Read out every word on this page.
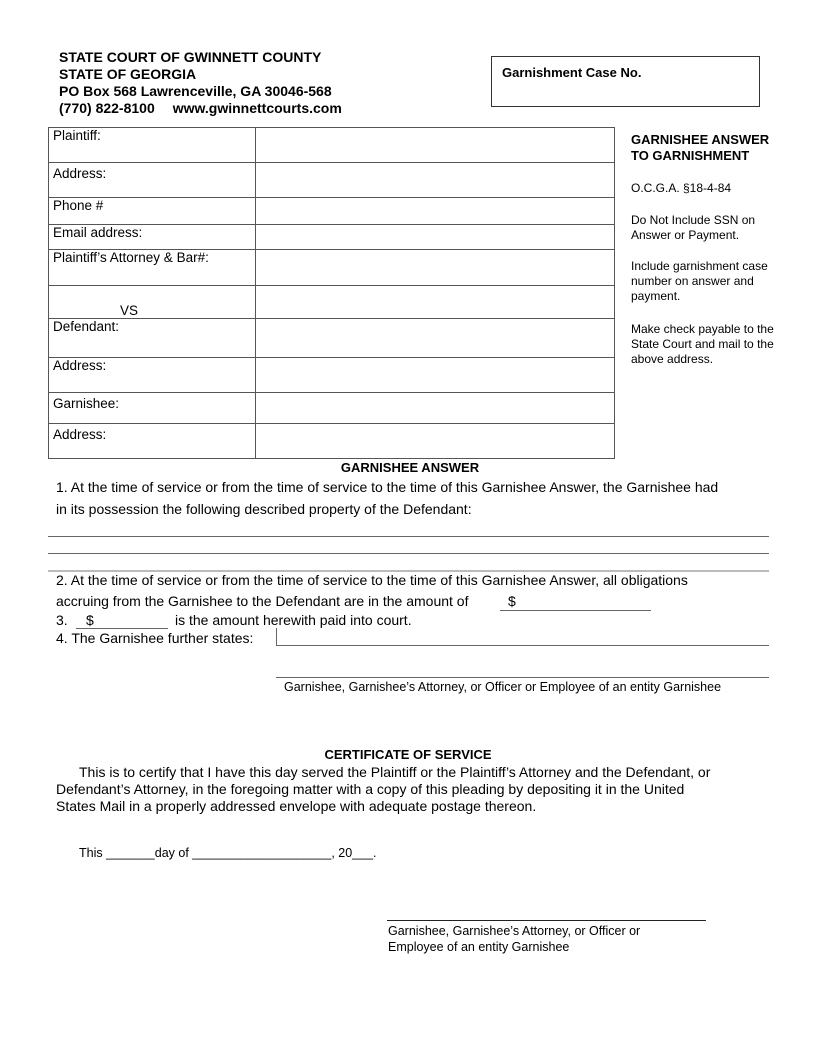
STATE COURT OF GWINNETT COUNTY
STATE OF GEORGIA
PO Box 568 Lawrenceville, GA 30046-568
(770) 822-8100 www.gwinnettcourts.com
Garnishment Case No.
Plaintiff:	
Address:	
Phone #	
Email address:	
Plaintiff’s Attorney & Bar#:	
VS	
Defendant:	
Address:	
Garnishee:	
Address:	
GARNISHEE ANSWER
TO GARNISHMENT
O.C.G.A. §18-4-84
Do Not Include SSN on
Answer or Payment.
Include garnishment case
number on answer and
payment.
Make check payable to the
State Court and mail to the
above address.
GARNISHEE ANSWER
1. At the time of service or from the time of service to the time of this Garnishee Answer, the Garnishee had
in its possession the following described property of the Defendant:
2. At the time of service or from the time of service to the time of this Garnishee Answer, all obligations
accruing from the Garnishee to the Defendant are in the amount of	$
3. $	is the amount herewith paid into court.
4. The Garnishee further states:
Garnishee, Garnishee’s Attorney, or Officer or Employee of an entity Garnishee
CERTIFICATE OF SERVICE
This is to certify that I have this day served the Plaintiff or the Plaintiff’s Attorney and the Defendant, or
Defendant’s Attorney, in the foregoing matter with a copy of this pleading by depositing it in the United
States Mail in a properly addressed envelope with adequate postage thereon.
This _______day of ____________________, 20___.
Garnishee, Garnishee’s Attorney, or Officer or
Employee of an entity Garnishee
